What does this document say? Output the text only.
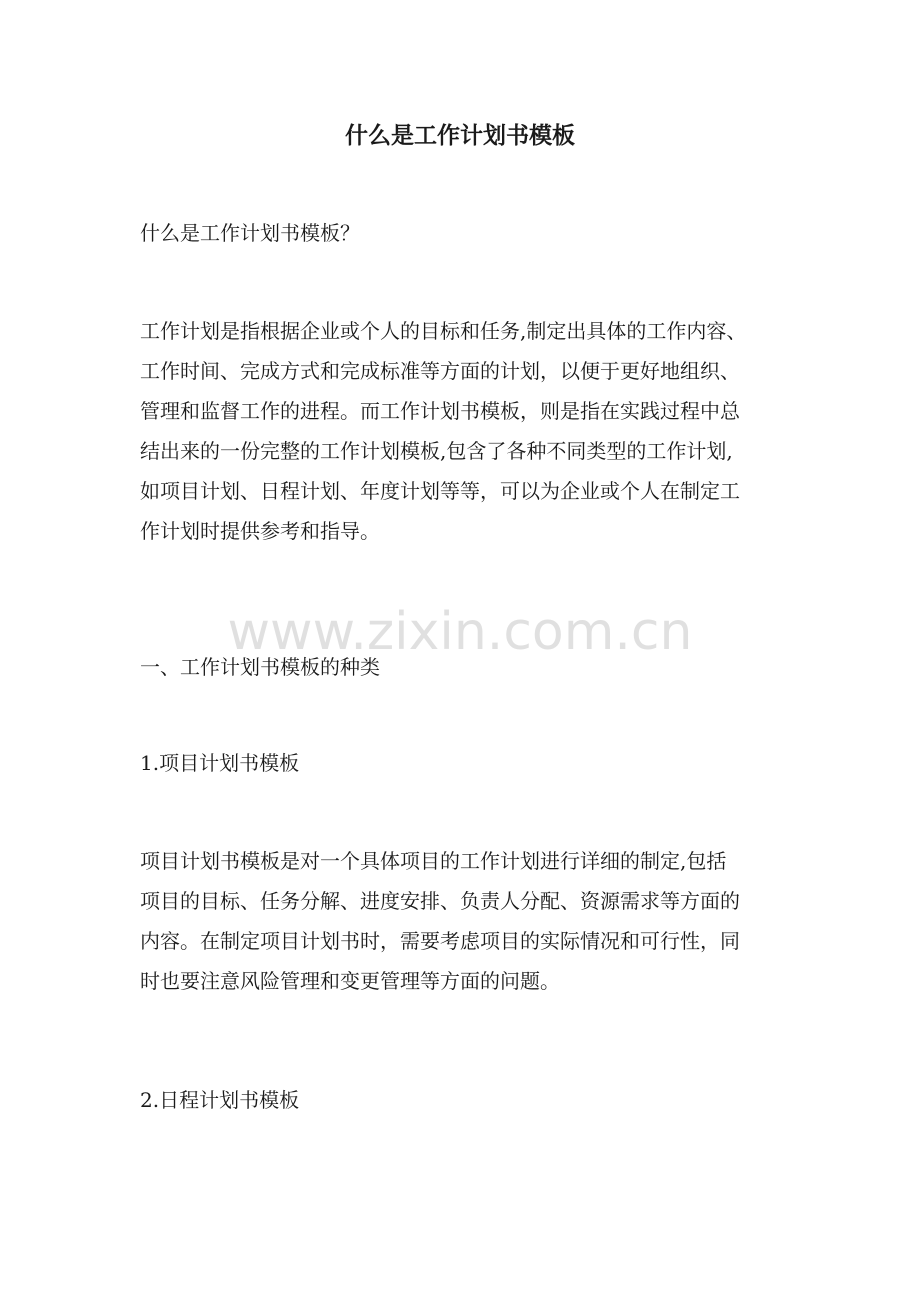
什么是工作计划书模板
什么是工作计划书模板？
工作计划是指根据企业或个人的目标和任务,制定出具体的工作内容、
工作时间、完成方式和完成标准等方面的计划，以便于更好地组织、
管理和监督工作的进程。而工作计划书模板，则是指在实践过程中总
结出来的一份完整的工作计划模板,包含了各种不同类型的工作计划,
如项目计划、日程计划、年度计划等等，可以为企业或个人在制定工
作计划时提供参考和指导。
www.zixin.com.cn
一、工作计划书模板的种类
1.项目计划书模板
项目计划书模板是对一个具体项目的工作计划进行详细的制定,包括
项目的目标、任务分解、进度安排、负责人分配、资源需求等方面的
内容。在制定项目计划书时，需要考虑项目的实际情况和可行性，同
时也要注意风险管理和变更管理等方面的问题。
2.日程计划书模板
